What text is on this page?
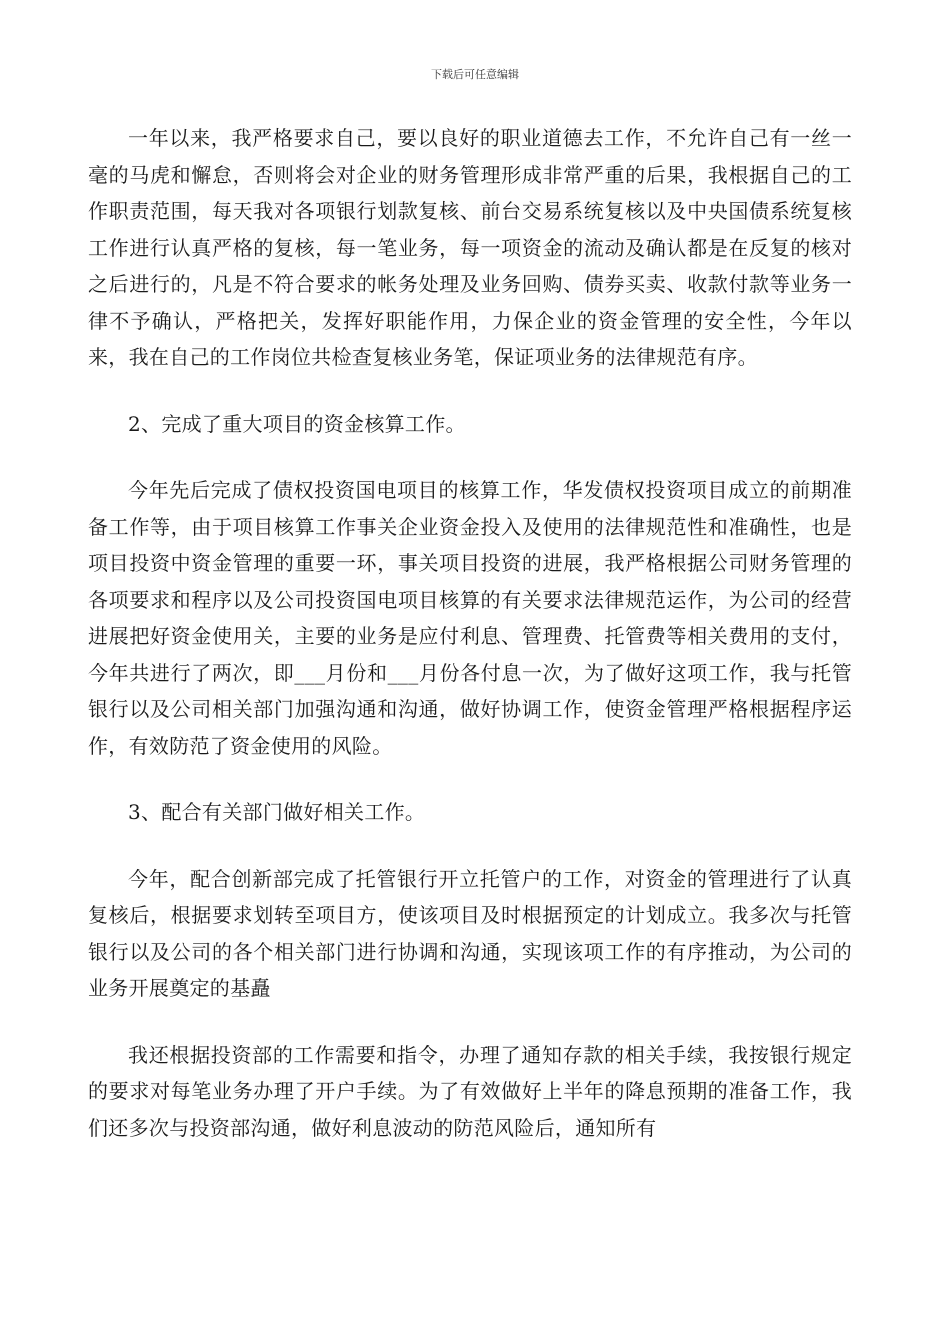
下载后可任意编辑

一年以来，我严格要求自己，要以良好的职业道德去工作，不允许自己有一丝一毫的马虎和懈怠，否则将会对企业的财务管理形成非常严重的后果，我根据自己的工作职责范围，每天我对各项银行划款复核、前台交易系统复核以及中央国债系统复核工作进行认真严格的复核，每一笔业务，每一项资金的流动及确认都是在反复的核对之后进行的，凡是不符合要求的帐务处理及业务回购、债券买卖、收款付款等业务一律不予确认，严格把关，发挥好职能作用，力保企业的资金管理的安全性，今年以来，我在自己的工作岗位共检查复核业务笔，保证项业务的法律规范有序。

2、完成了重大项目的资金核算工作。

今年先后完成了债权投资国电项目的核算工作，华发债权投资项目成立的前期准备工作等，由于项目核算工作事关企业资金投入及使用的法律规范性和准确性，也是项目投资中资金管理的重要一环，事关项目投资的进展，我严格根据公司财务管理的各项要求和程序以及公司投资国电项目核算的有关要求法律规范运作，为公司的经营进展把好资金使用关，主要的业务是应付利息、管理费、托管费等相关费用的支付，今年共进行了两次，即___月份和___月份各付息一次，为了做好这项工作，我与托管银行以及公司相关部门加强沟通和沟通，做好协调工作，使资金管理严格根据程序运作，有效防范了资金使用的风险。

3、配合有关部门做好相关工作。

今年，配合创新部完成了托管银行开立托管户的工作，对资金的管理进行了认真复核后，根据要求划转至项目方，使该项目及时根据预定的计划成立。我多次与托管银行以及公司的各个相关部门进行协调和沟通，实现该项工作的有序推动，为公司的业务开展奠定的基矗

我还根据投资部的工作需要和指令，办理了通知存款的相关手续，我按银行规定的要求对每笔业务办理了开户手续。为了有效做好上半年的降息预期的准备工作，我们还多次与投资部沟通，做好利息波动的防范风险后，通知所有
